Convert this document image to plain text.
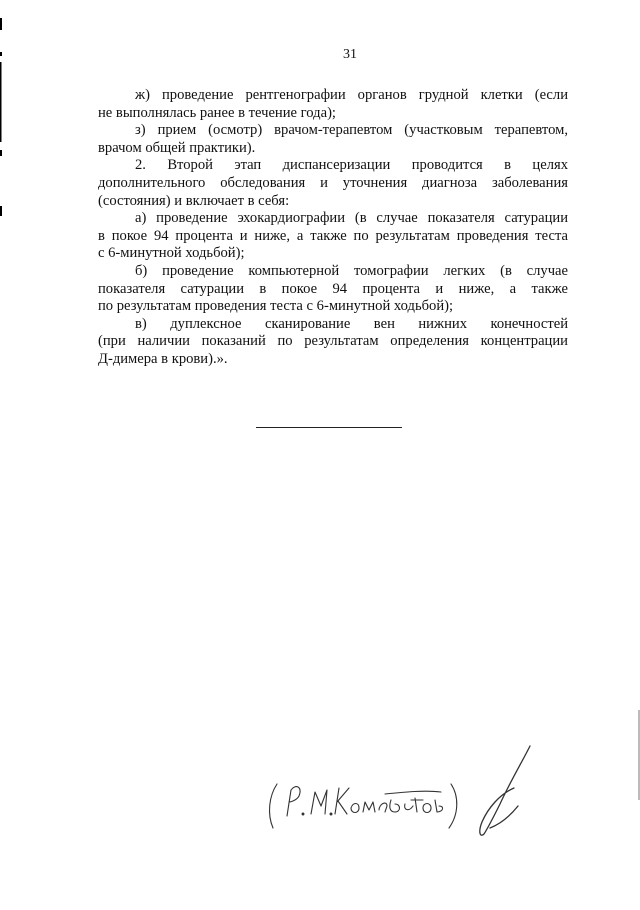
31
ж) проведение рентгенографии органов грудной клетки (если
не выполнялась ранее в течение года);
з) прием (осмотр) врачом-терапевтом (участковым терапевтом,
врачом общей практики).
2. Второй этап диспансеризации проводится в целях
дополнительного обследования и уточнения диагноза заболевания
(состояния) и включает в себя:
а) проведение эхокардиографии (в случае показателя сатурации
в покое 94 процента и ниже, а также по результатам проведения теста
с 6-минутной ходьбой);
б) проведение компьютерной томографии легких (в случае
показателя сатурации в покое 94 процента и ниже, а также
по результатам проведения теста с 6-минутной ходьбой);
в) дуплексное сканирование вен нижних конечностей
(при наличии показаний по результатам определения концентрации
Д-димера в крови).».
